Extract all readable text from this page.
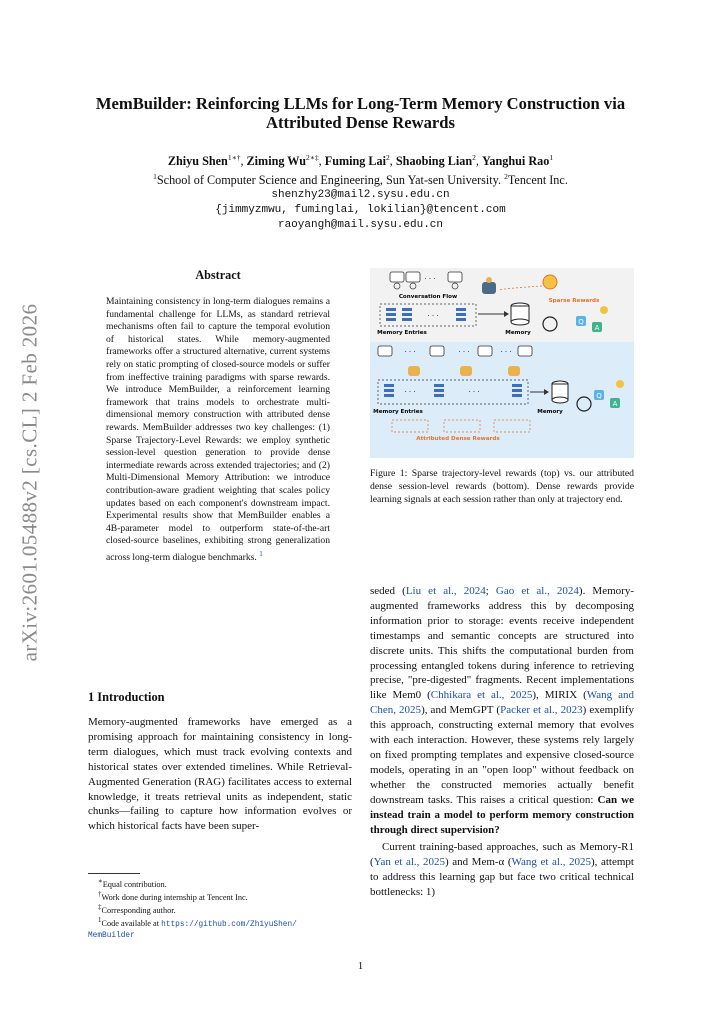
arXiv:2601.05488v2 [cs.CL] 2 Feb 2026
MemBuilder: Reinforcing LLMs for Long-Term Memory Construction via
Attributed Dense Rewards
Zhiyu Shen$^{1∗\dagger}$, Ziming $Wu^{2∗\ddagger}$, Fuming Lai$^2$, Shaobing Lian$^2$, Yanghui Rao$^1$
$^1$School of Computer Science and Engineering, Sun Yat-sen University. $^2$Tencent Inc.
shenzhy23@mail2.sysu.edu.cn
{jimmyzmwu, fuminglai, lokilian}@tencent.com
raoyangh@mail.sysu.edu.cn
Abstract
Maintaining consistency in long-term dialogues remains a fundamental challenge for LLMs, as standard retrieval mechanisms often fail to capture the temporal evolution of historical states. While memory-augmented frameworks offer a structured alternative, current systems rely on static prompting of closed-source models or suffer from ineffective training paradigms with sparse rewards. We introduce MemBuilder, a reinforcement learning framework that trains models to orchestrate multi-dimensional memory construction with attributed dense rewards. MemBuilder addresses two key challenges: (1) Sparse Trajectory-Level Rewards: we employ synthetic session-level question generation to provide dense intermediate rewards across extended trajectories; and (2) Multi-Dimensional Memory Attribution: we introduce contribution-aware gradient weighting that scales policy updates based on each component's downstream impact. Experimental results show that MemBuilder enables a 4B-parameter model to outperform state-of-the-art closed-source baselines, exhibiting strong generalization across long-term dialogue benchmarks. $^1$
1 Introduction
Memory-augmented frameworks have emerged as a promising approach for maintaining consistency in long-term dialogues, which must track evolving contexts and historical states over extended timelines. While Retrieval-Augmented Generation (RAG) facilitates access to external knowledge, it treats retrieval units as independent, static chunks—failing to capture how information evolves or which historical facts have been super-
∗Equal contribution.
†Work done during internship at Tencent Inc.
‡Corresponding author.
$^1$Code available at https://github.com/Zh1yuShen/
MemBuilder
· · ·
Conversation Flow
· · ·
Memory Entries	Memory
Sparse Rewards
Q
A
· · ·	· · ·	· · ·
· · ·	· · ·
Memory Entries	Memory
Q
A
Attributed Dense Rewards
Figure 1: Sparse trajectory-level rewards (top) vs. our attributed dense session-level rewards (bottom). Dense rewards provide learning signals at each session rather than only at trajectory end.
seded (Liu et al., 2024; Gao et al., 2024). Memory-augmented frameworks address this by decomposing information prior to storage: events receive independent timestamps and semantic concepts are structured into discrete units. This shifts the computational burden from processing entangled tokens during inference to retrieving precise, "pre-digested" fragments. Recent implementations like Mem0 (Chhikara et al., 2025), MIRIX (Wang and Chen, 2025), and MemGPT (Packer et al., 2023) exemplify this approach, constructing external memory that evolves with each interaction. However, these systems rely largely on fixed prompting templates and expensive closed-source models, operating in an "open loop" without feedback on whether the constructed memories actually benefit downstream tasks. This raises a critical question: Can we instead train a model to perform memory construction through direct supervision?
Current training-based approaches, such as Memory-R1 (Yan et al., 2025) and Mem-α (Wang et al., 2025), attempt to address this learning gap but face two critical technical bottlenecks: 1)
1
